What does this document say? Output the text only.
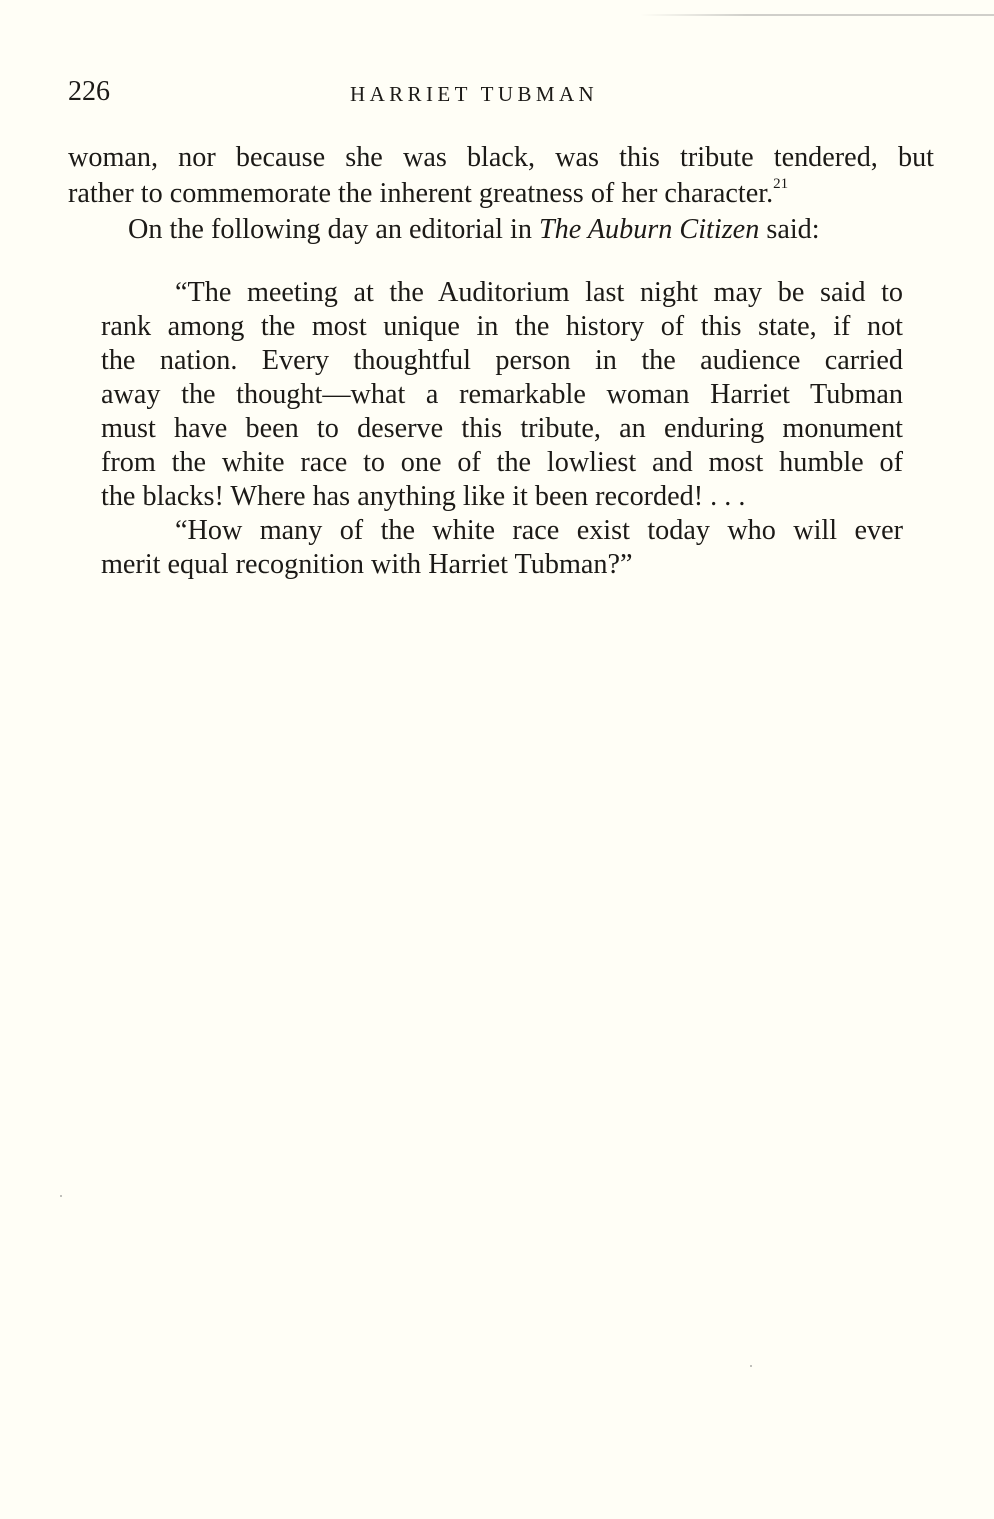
226	HARRIET TUBMAN
woman, nor because she was black, was this tribute tendered, but
rather to commemorate the inherent greatness of her character.$^{21}$
On the following day an editorial in The Auburn Citizen said:
“The meeting at the Auditorium last night may be said to
rank among the most unique in the history of this state, if not
the nation. Every thoughtful person in the audience carried
away the thought—what a remarkable woman Harriet Tubman
must have been to deserve this tribute, an enduring monument
from the white race to one of the lowliest and most humble of
the blacks! Where has anything like it been recorded! . . .
“How many of the white race exist today who will ever
merit equal recognition with Harriet Tubman?”
